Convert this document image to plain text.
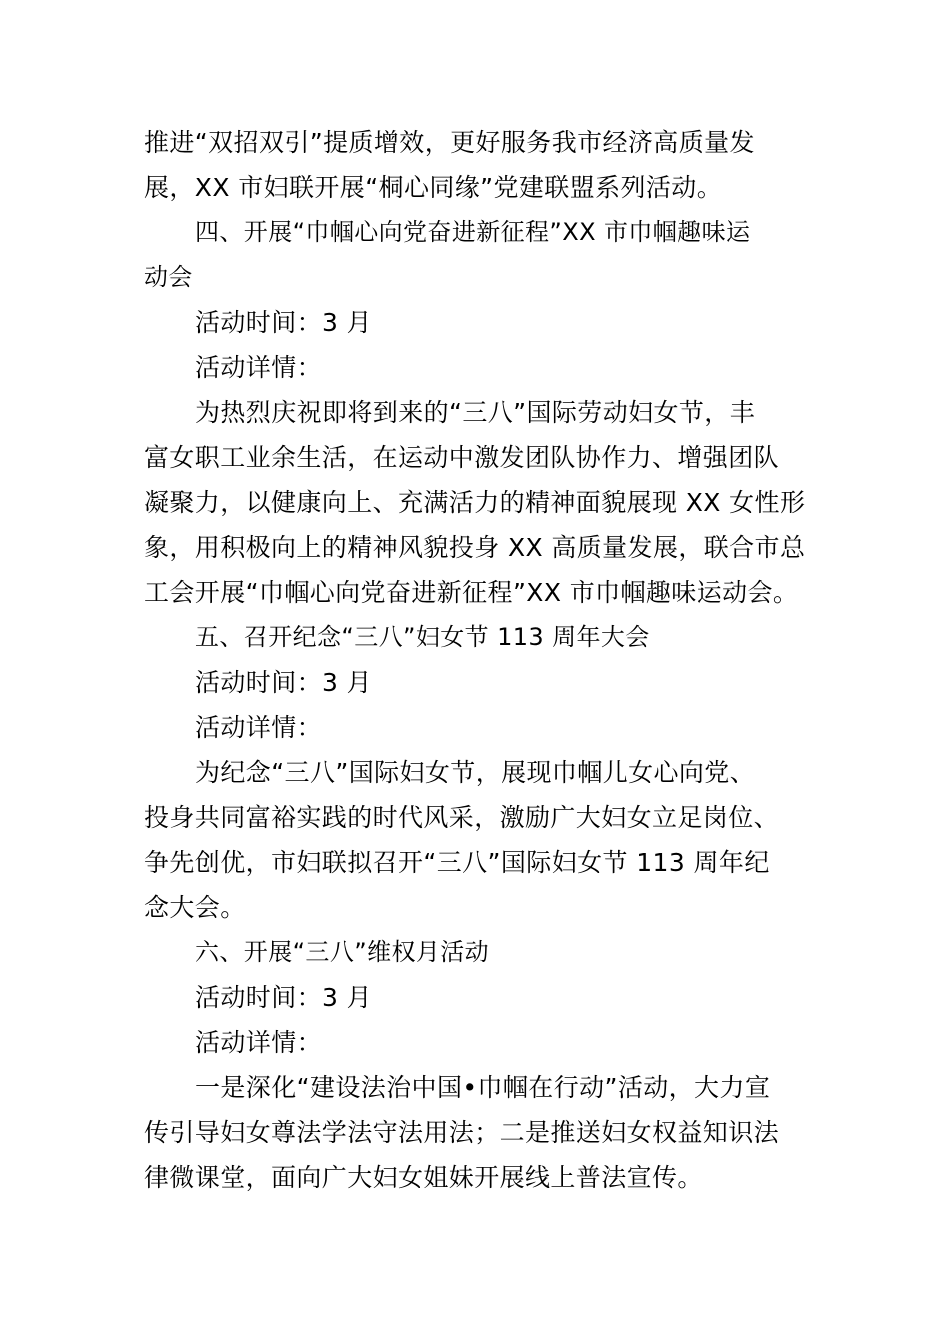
推进“双招双引”提质增效，更好服务我市经济高质量发
展，XX 市妇联开展“桐心同缘”党建联盟系列活动。

四、开展“巾帼心向党奋进新征程”XX 市巾帼趣味运
动会

活动时间：3 月

活动详情：

为热烈庆祝即将到来的“三八”国际劳动妇女节，丰
富女职工业余生活，在运动中激发团队协作力、增强团队
凝聚力，以健康向上、充满活力的精神面貌展现 XX 女性形
象，用积极向上的精神风貌投身 XX 高质量发展，联合市总
工会开展“巾帼心向党奋进新征程”XX 市巾帼趣味运动会。

五、召开纪念“三八”妇女节 113 周年大会

活动时间：3 月

活动详情：

为纪念“三八”国际妇女节，展现巾帼儿女心向党、
投身共同富裕实践的时代风采，激励广大妇女立足岗位、
争先创优，市妇联拟召开“三八”国际妇女节 113 周年纪
念大会。

六、开展“三八”维权月活动

活动时间：3 月

活动详情：

一是深化“建设法治中国•巾帼在行动”活动，大力宣
传引导妇女尊法学法守法用法；二是推送妇女权益知识法
律微课堂，面向广大妇女姐妹开展线上普法宣传。
